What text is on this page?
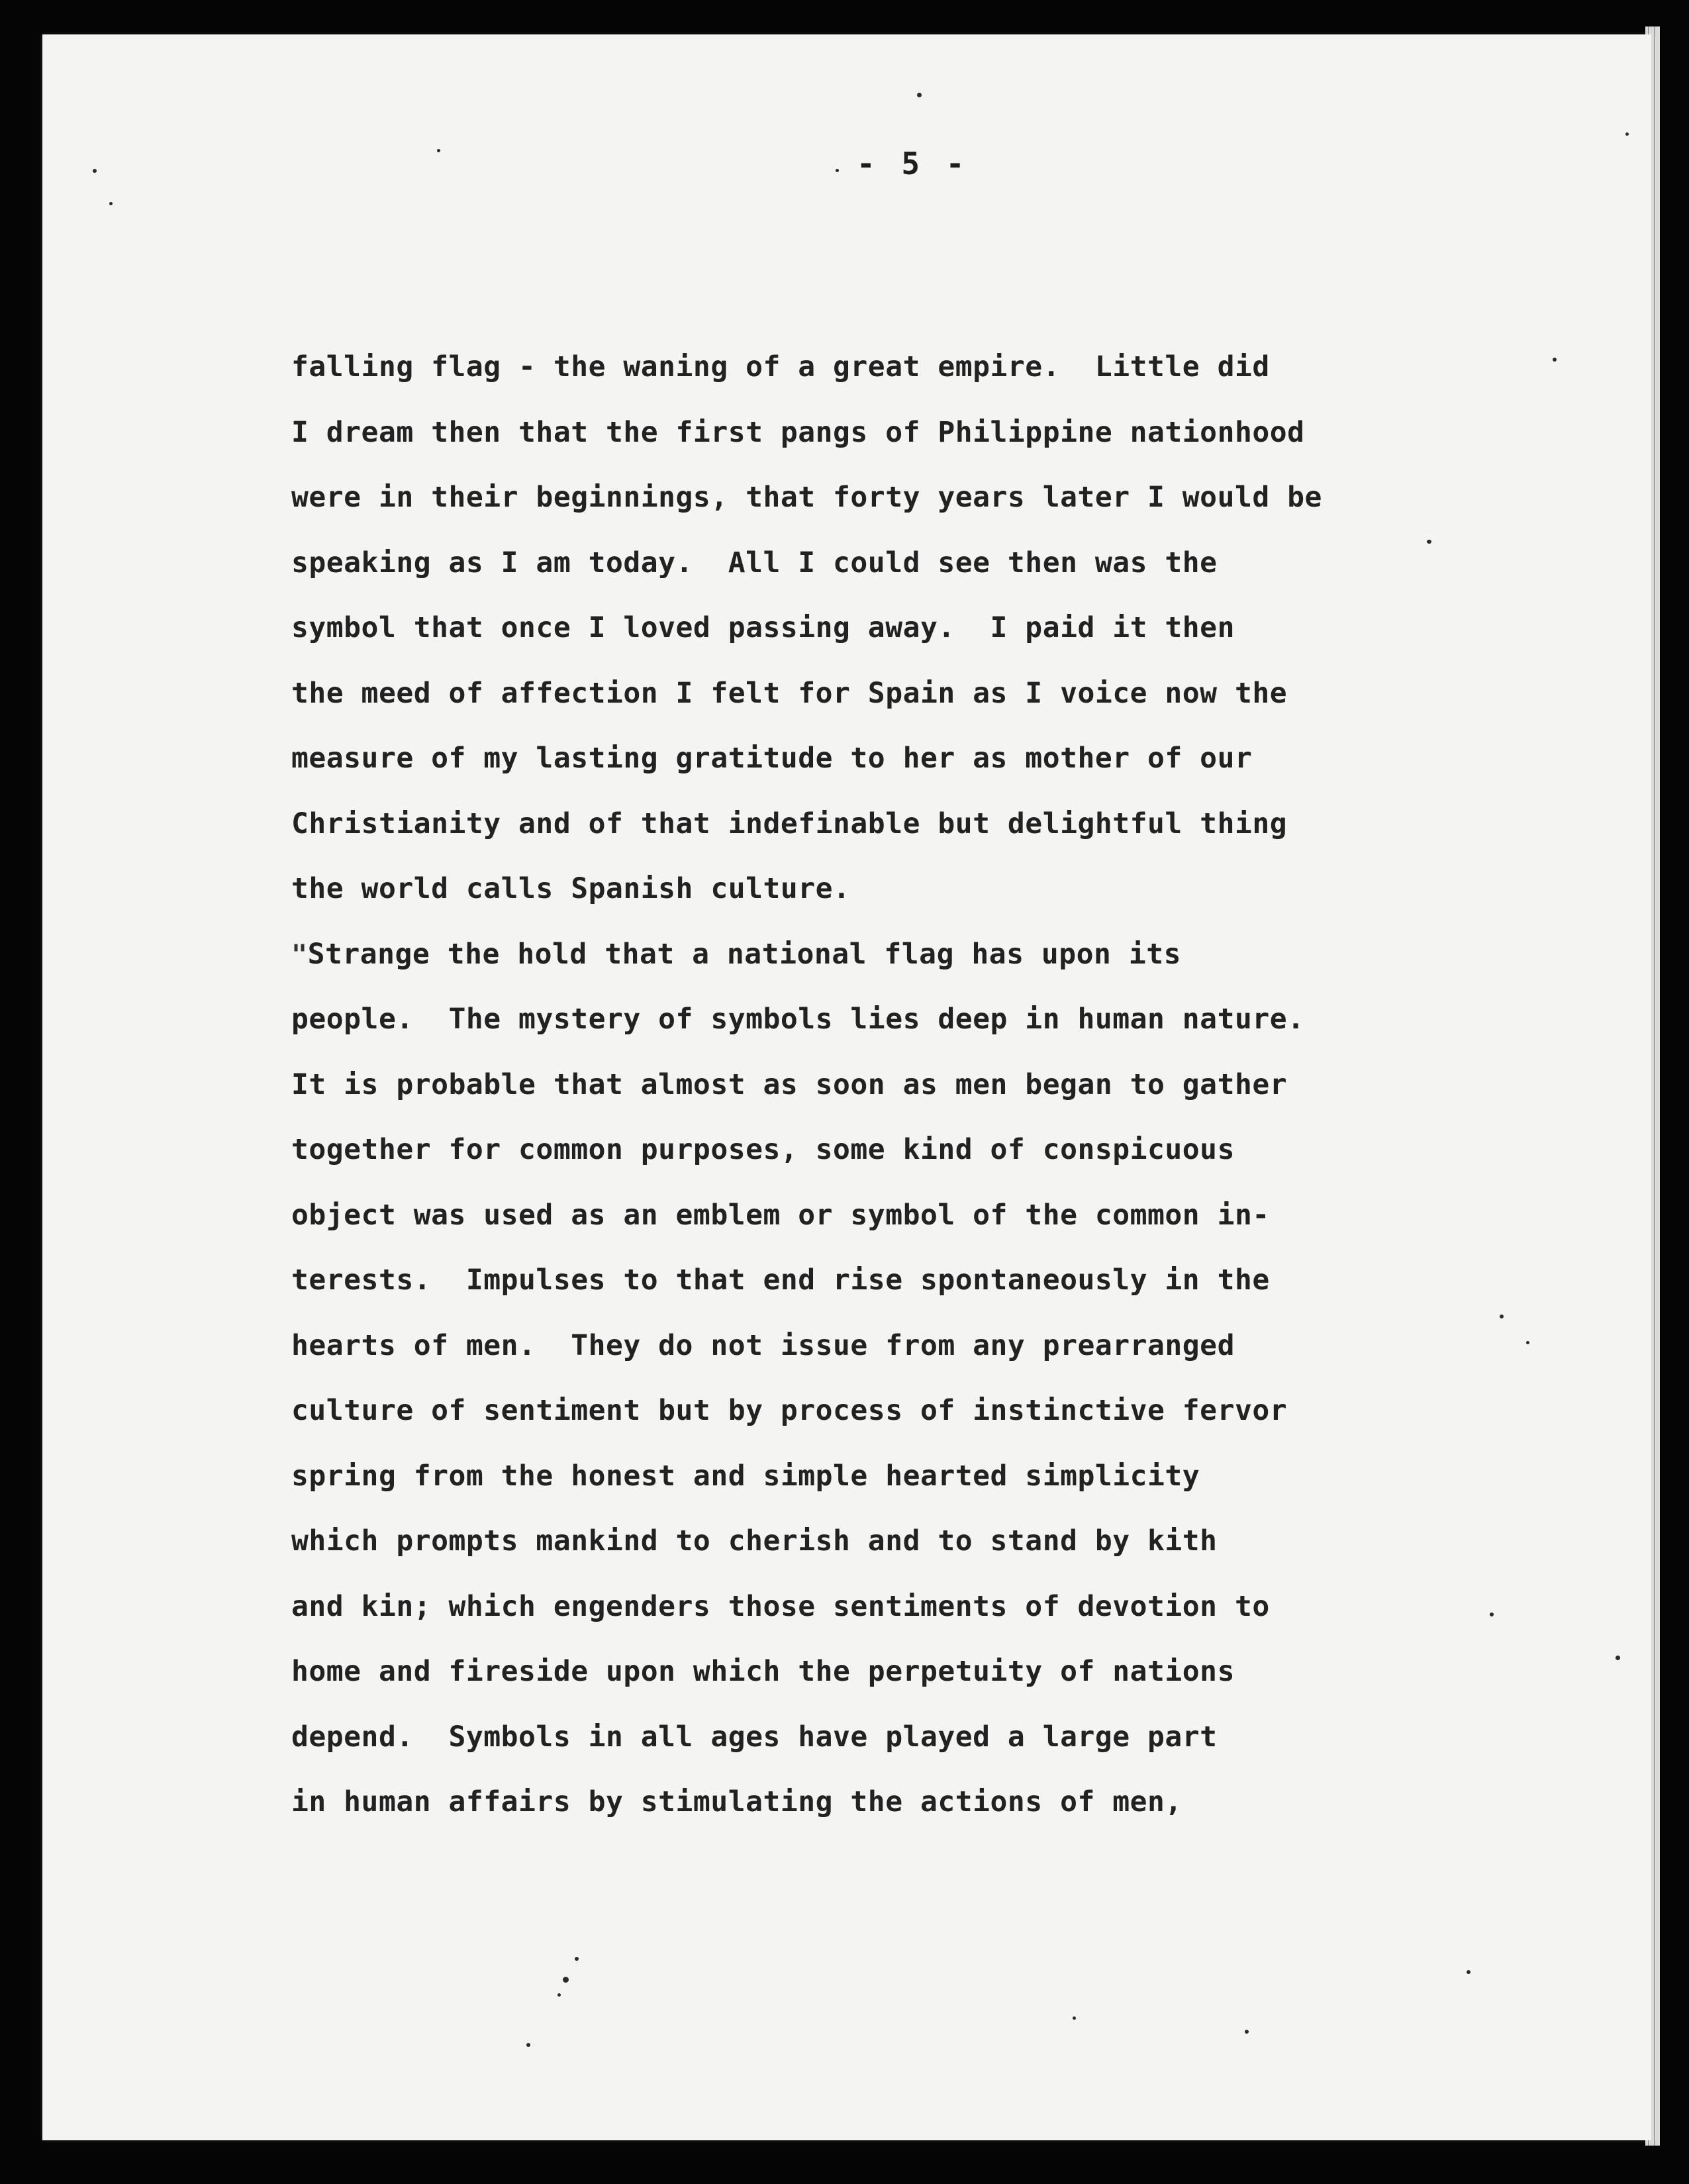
- 5 -
falling flag - the waning of a great empire.  Little did
I dream then that the first pangs of Philippine nationhood
were in their beginnings, that forty years later I would be
speaking as I am today.  All I could see then was the
symbol that once I loved passing away.  I paid it then
the meed of affection I felt for Spain as I voice now the
measure of my lasting gratitude to her as mother of our
Christianity and of that indefinable but delightful thing
the world calls Spanish culture.
"Strange the hold that a national flag has upon its
people.  The mystery of symbols lies deep in human nature.
It is probable that almost as soon as men began to gather
together for common purposes, some kind of conspicuous
object was used as an emblem or symbol of the common in-
terests.  Impulses to that end rise spontaneously in the
hearts of men.  They do not issue from any prearranged
culture of sentiment but by process of instinctive fervor
spring from the honest and simple hearted simplicity
which prompts mankind to cherish and to stand by kith
and kin; which engenders those sentiments of devotion to
home and fireside upon which the perpetuity of nations
depend.  Symbols in all ages have played a large part
in human affairs by stimulating the actions of men,
